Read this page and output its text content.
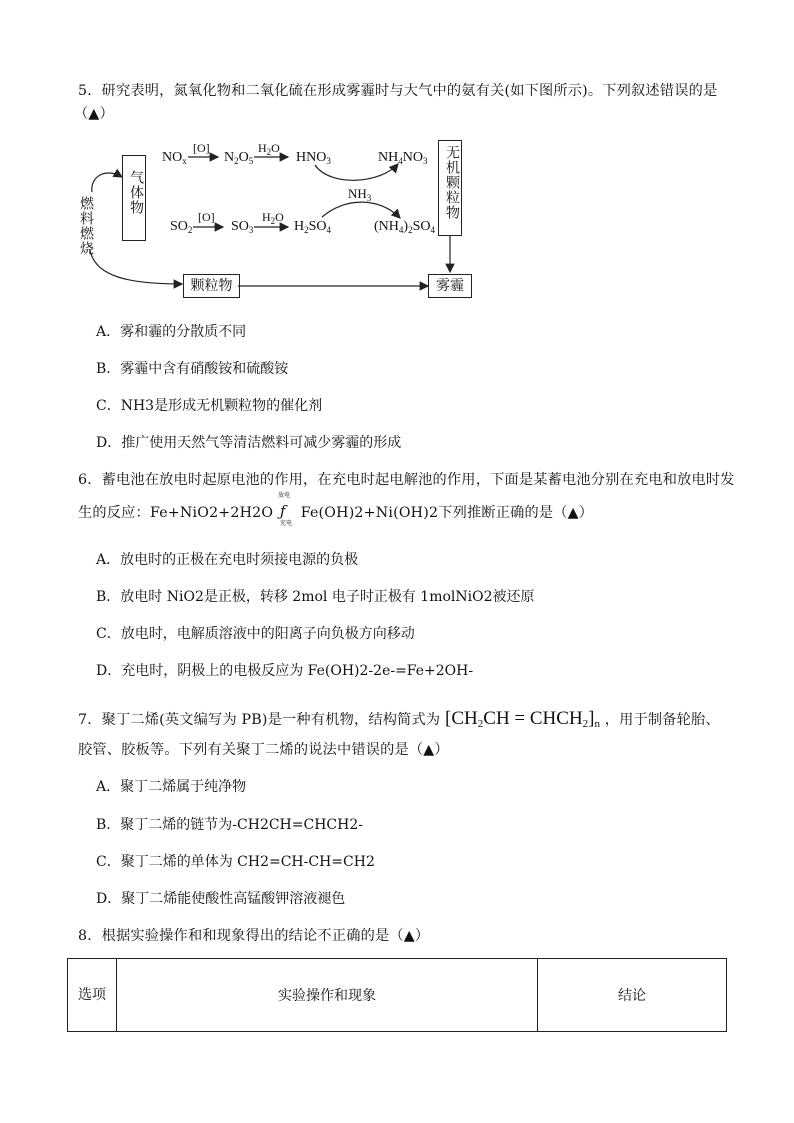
5．研究表明，氮氧化物和二氧化硫在形成雾霾时与大气中的氨有关(如下图所示)。下列叙述错误的是
（▲）
燃料燃烧
气体物
颗粒物
无机颗粒物
雾霾
$NO_x$
[O]
$N_2O_5$
$H_2O$
$HNO_3$	$NH_4NO_3$
$SO_2$
[O]
$SO_3$
$H_2O$
$H_2SO_4$
$NH_3$
$(NH_4)_2SO_4$
A．雾和霾的分散质不同
B．雾霾中含有硝酸铵和硫酸铵
C．NH3是形成无机颗粒物的催化剂
D．推广使用天然气等清洁燃料可减少雾霾的形成
6．蓄电池在放电时起原电池的作用，在充电时起电解池的作用，下面是某蓄电池分别在充电和放电时发
生的反应：Fe+NiO2+2H2O
放电
ƒ
充电
Fe(OH)2+Ni(OH)2下列推断正确的是（▲）
A．放电时的正极在充电时须接电源的负极
B．放电时 NiO2是正极，转移 2mol 电子时正极有 1molNiO2被还原
C．放电时，电解质溶液中的阳离子向负极方向移动
D．充电时，阴极上的电极反应为 Fe(OH)2-2e-=Fe+2OH-
7．聚丁二烯(英文编写为 PB)是一种有机物，结构简式为 [$CH_2CH$ = $CHCH_2]_n$ ，用于制备轮胎、
胶管、胶板等。下列有关聚丁二烯的说法中错误的是（▲）
A．聚丁二烯属于纯净物
B．聚丁二烯的链节为-CH2CH=CHCH2-
C．聚丁二烯的单体为 CH2=CH-CH=CH2
D．聚丁二烯能使酸性高锰酸钾溶液褪色
8．根据实验操作和和现象得出的结论不正确的是（▲）
选项	实验操作和现象	结论
